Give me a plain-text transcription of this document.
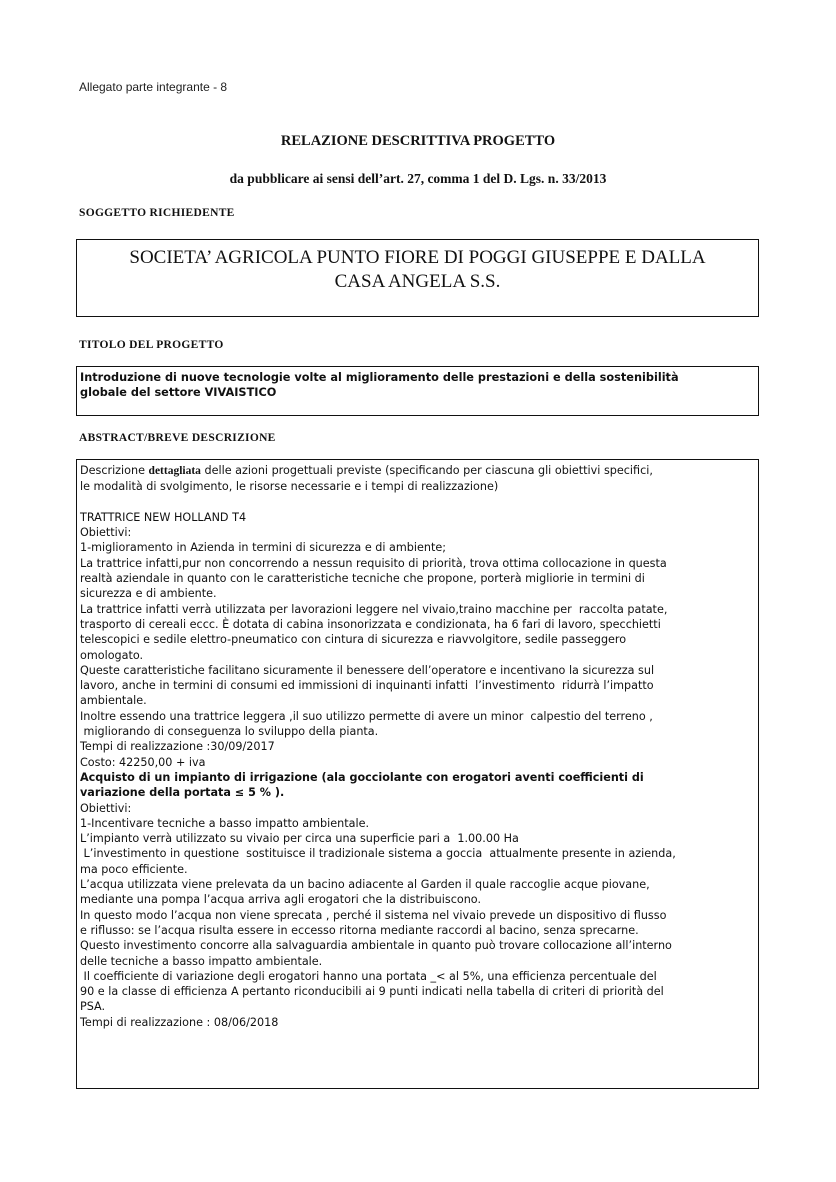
Allegato parte integrante - 8
RELAZIONE DESCRITTIVA PROGETTO
da pubblicare ai sensi dell’art. 27, comma 1 del D. Lgs. n. 33/2013
SOGGETTO RICHIEDENTE
SOCIETA’ AGRICOLA PUNTO FIORE DI POGGI GIUSEPPE E DALLA
CASA ANGELA S.S.
TITOLO DEL PROGETTO
Introduzione di nuove tecnologie volte al miglioramento delle prestazioni e della sostenibilità
globale del settore VIVAISTICO
ABSTRACT/BREVE DESCRIZIONE

Descrizione dettagliata delle azioni progettuali previste (specificando per ciascuna gli obiettivi specifici,

le modalità di svolgimento, le risorse necessarie e i tempi di realizzazione)

TRATTRICE NEW HOLLAND T4

Obiettivi:

1-miglioramento in Azienda in termini di sicurezza e di ambiente;

La trattrice infatti,pur non concorrendo a nessun requisito di priorità, trova ottima collocazione in questa

realtà aziendale in quanto con le caratteristiche tecniche che propone, porterà migliorie in termini di

sicurezza e di ambiente.

La trattrice infatti verrà utilizzata per lavorazioni leggere nel vivaio,traino macchine per  raccolta patate,

trasporto di cereali eccc. È dotata di cabina insonorizzata e condizionata, ha 6 fari di lavoro, specchietti

telescopici e sedile elettro-pneumatico con cintura di sicurezza e riavvolgitore, sedile passeggero

omologato.

Queste caratteristiche facilitano sicuramente il benessere dell’operatore e incentivano la sicurezza sul

lavoro, anche in termini di consumi ed immissioni di inquinanti infatti  l’investimento  ridurrà l’impatto

ambientale.

Inoltre essendo una trattrice leggera ,il suo utilizzo permette di avere un minor  calpestio del terreno ,

migliorando di conseguenza lo sviluppo della pianta.

Tempi di realizzazione :30/09/2017

Costo: 42250,00 + iva

Acquisto di un impianto di irrigazione (ala gocciolante con erogatori aventi coefficienti di

variazione della portata ≤ 5 % ).

Obiettivi:

1-Incentivare tecniche a basso impatto ambientale.

L’impianto verrà utilizzato su vivaio per circa una superficie pari a  1.00.00 Ha

L’investimento in questione  sostituisce il tradizionale sistema a goccia  attualmente presente in azienda,

ma poco efficiente.

L’acqua utilizzata viene prelevata da un bacino adiacente al Garden il quale raccoglie acque piovane,

mediante una pompa l’acqua arriva agli erogatori che la distribuiscono.

In questo modo l’acqua non viene sprecata , perché il sistema nel vivaio prevede un dispositivo di flusso

e riflusso: se l’acqua risulta essere in eccesso ritorna mediante raccordi al bacino, senza sprecarne.

Questo investimento concorre alla salvaguardia ambientale in quanto può trovare collocazione all’interno

delle tecniche a basso impatto ambientale.

Il coefficiente di variazione degli erogatori hanno una portata _< al 5%, una efficienza percentuale del

90 e la classe di efficienza A pertanto riconducibili ai 9 punti indicati nella tabella di criteri di priorità del

PSA.

Tempi di realizzazione : 08/06/2018
